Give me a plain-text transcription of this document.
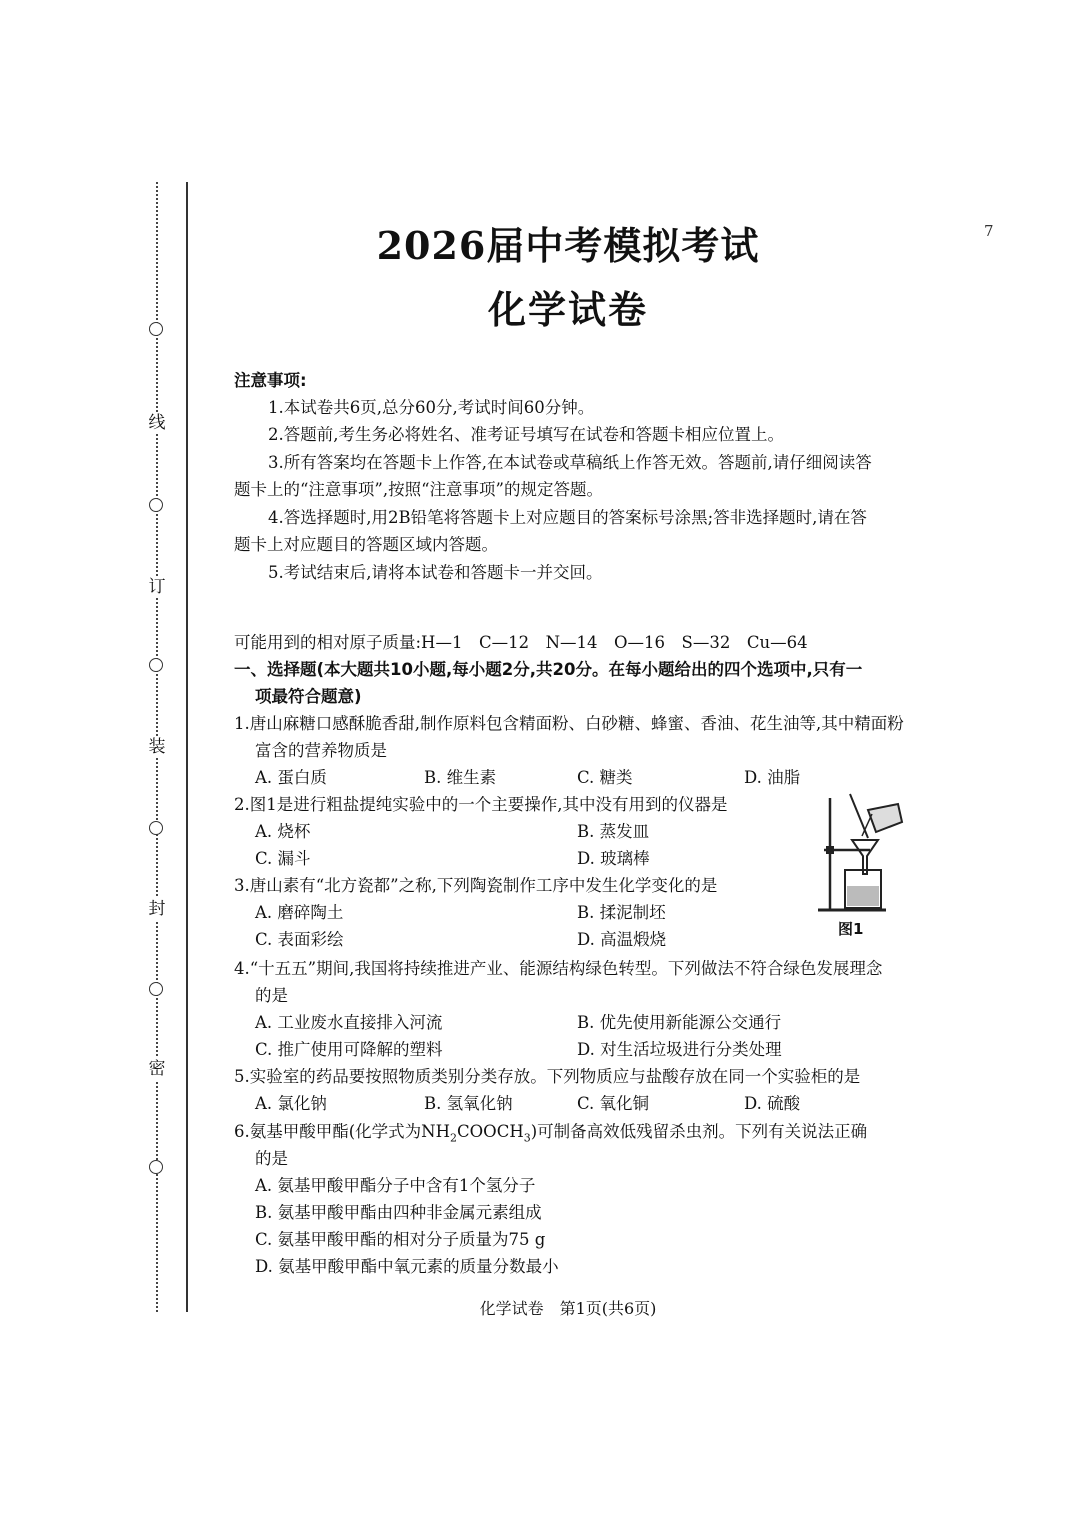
线
订
装
封
密
7
2026届中考模拟考试
化学试卷
注意事项:
1.本试卷共6页,总分60分,考试时间60分钟。
2.答题前,考生务必将姓名、准考证号填写在试卷和答题卡相应位置上。
3.所有答案均在答题卡上作答,在本试卷或草稿纸上作答无效。答题前,请仔细阅读答
题卡上的“注意事项”,按照“注意事项”的规定答题。
4.答选择题时,用2B铅笔将答题卡上对应题目的答案标号涂黑;答非选择题时,请在答
题卡上对应题目的答题区域内答题。
5.考试结束后,请将本试卷和答题卡一并交回。
可能用到的相对原子质量:H—1　C—12　N—14　O—16　S—32　Cu—64
一、选择题(本大题共10小题,每小题2分,共20分。在每小题给出的四个选项中,只有一
项最符合题意)
1.唐山麻糖口感酥脆香甜,制作原料包含精面粉、白砂糖、蜂蜜、香油、花生油等,其中精面粉
富含的营养物质是
A. 蛋白质	B. 维生素	C. 糖类	D. 油脂
2.图1是进行粗盐提纯实验中的一个主要操作,其中没有用到的仪器是
A. 烧杯	B. 蒸发皿
C. 漏斗	D. 玻璃棒
图1
3.唐山素有“北方瓷都”之称,下列陶瓷制作工序中发生化学变化的是
A. 磨碎陶土	B. 揉泥制坯
C. 表面彩绘	D. 高温煅烧
4.“十五五”期间,我国将持续推进产业、能源结构绿色转型。下列做法不符合绿色发展理念
的是
A. 工业废水直接排入河流	B. 优先使用新能源公交通行
C. 推广使用可降解的塑料	D. 对生活垃圾进行分类处理
5.实验室的药品要按照物质类别分类存放。下列物质应与盐酸存放在同一个实验柜的是
A. 氯化钠	B. 氢氧化钠	C. 氧化铜	D. 硫酸
6.氨基甲酸甲酯(化学式为$NH_2COOCH_3$)可制备高效低残留杀虫剂。下列有关说法正确
的是
A. 氨基甲酸甲酯分子中含有1个氢分子
B. 氨基甲酸甲酯由四种非金属元素组成
C. 氨基甲酸甲酯的相对分子质量为75 g
D. 氨基甲酸甲酯中氧元素的质量分数最小
化学试卷　第1页(共6页)
